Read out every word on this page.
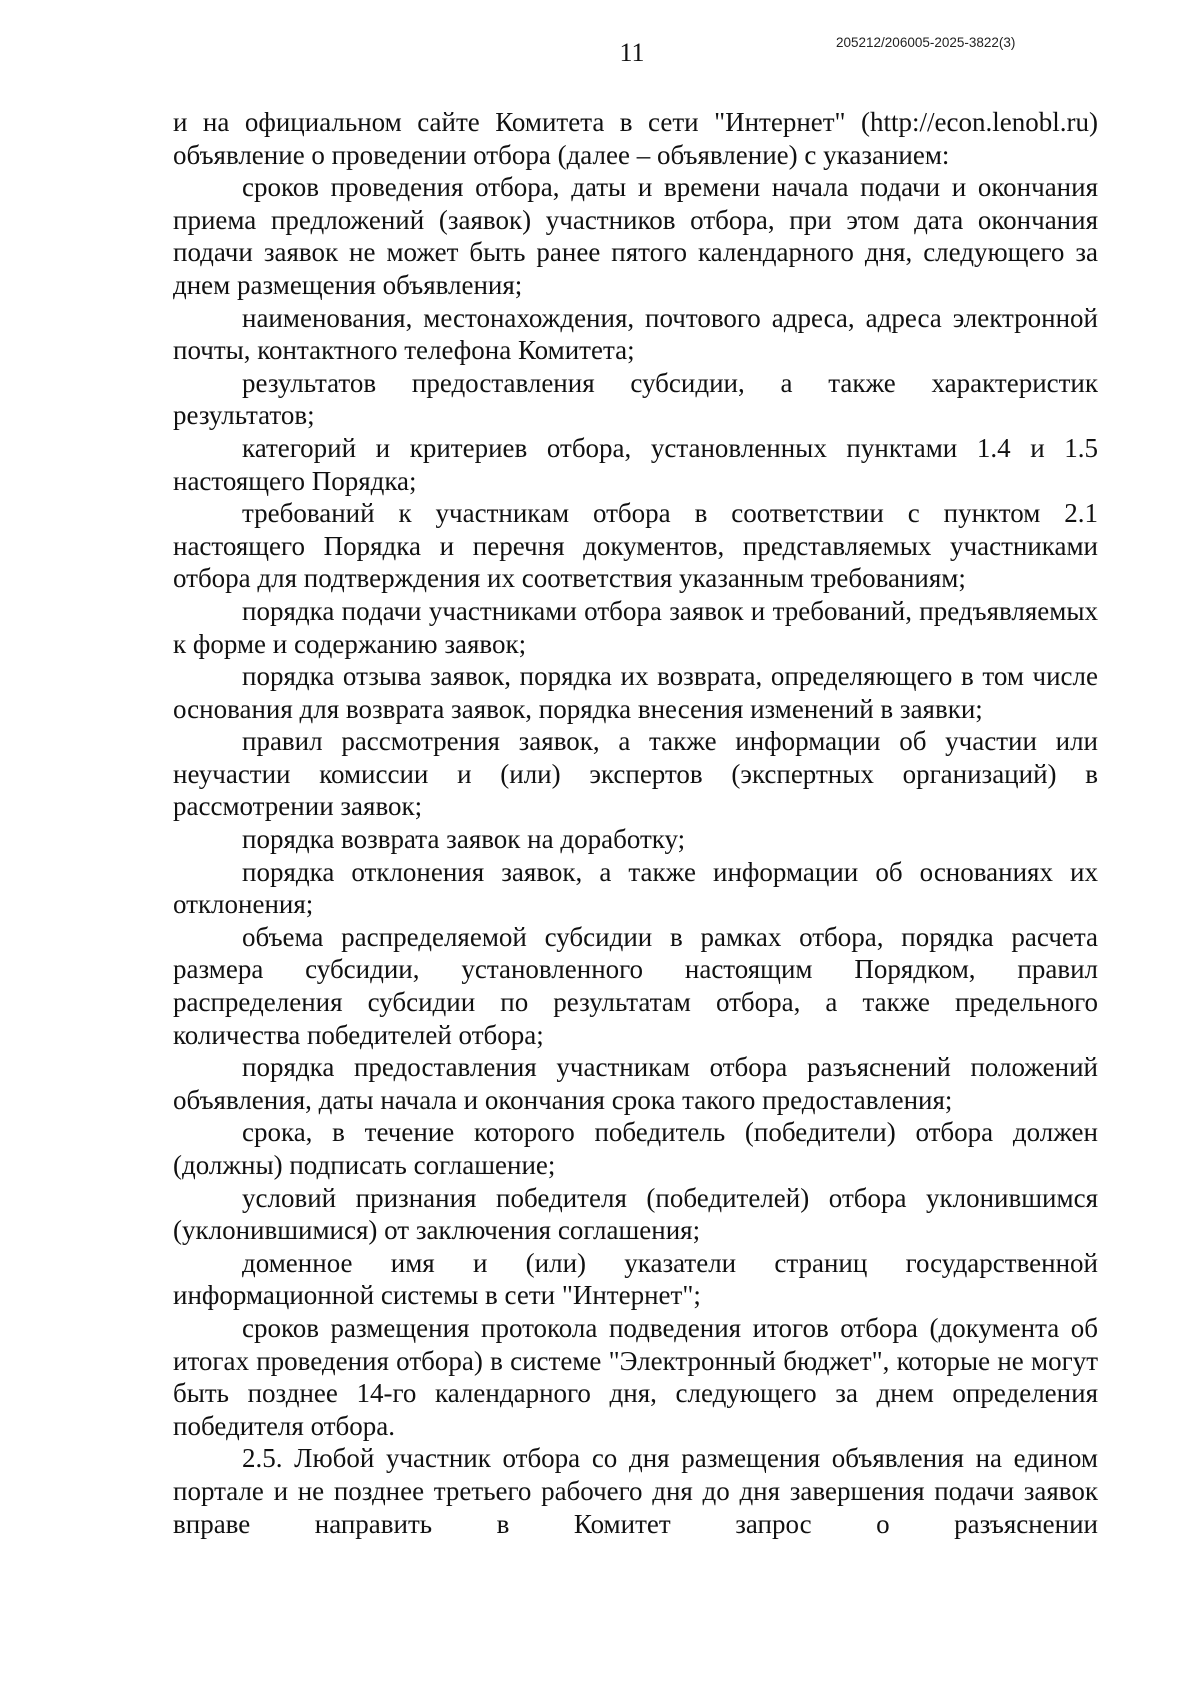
11	205212/206005-2025-3822(3)

и на официальном сайте Комитета в сети "Интернет" (http://econ.lenobl.ru) объявление о проведении отбора (далее – объявление) с указанием:

сроков проведения отбора, даты и времени начала подачи и окончания приема предложений (заявок) участников отбора, при этом дата окончания подачи заявок не может быть ранее пятого календарного дня, следующего за днем размещения объявления;

наименования, местонахождения, почтового адреса, адреса электронной почты, контактного телефона Комитета;

результатов предоставления субсидии, а также характеристик результатов;

категорий и критериев отбора, установленных пунктами 1.4 и 1.5 настоящего Порядка;

требований к участникам отбора в соответствии с пунктом 2.1 настоящего Порядка и перечня документов, представляемых участниками отбора для подтверждения их соответствия указанным требованиям;

порядка подачи участниками отбора заявок и требований, предъявляемых к форме и содержанию заявок;

порядка отзыва заявок, порядка их возврата, определяющего в том числе основания для возврата заявок, порядка внесения изменений в заявки;

правил рассмотрения заявок, а также информации об участии или неучастии комиссии и (или) экспертов (экспертных организаций) в рассмотрении заявок;

порядка возврата заявок на доработку;

порядка отклонения заявок, а также информации об основаниях их отклонения;

объема распределяемой субсидии в рамках отбора, порядка расчета размера субсидии, установленного настоящим Порядком, правил распределения субсидии по результатам отбора, а также предельного количества победителей отбора;

порядка предоставления участникам отбора разъяснений положений объявления, даты начала и окончания срока такого предоставления;

срока, в течение которого победитель (победители) отбора должен (должны) подписать соглашение;

условий признания победителя (победителей) отбора уклонившимся (уклонившимися) от заключения соглашения;

доменное имя и (или) указатели страниц государственной информационной системы в сети "Интернет";

сроков размещения протокола подведения итогов отбора (документа об итогах проведения отбора) в системе "Электронный бюджет", которые не могут быть позднее 14-го календарного дня, следующего за днем определения победителя отбора.

2.5. Любой участник отбора со дня размещения объявления на едином портале и не позднее третьего рабочего дня до дня завершения подачи заявок вправе направить в Комитет запрос о разъяснении
